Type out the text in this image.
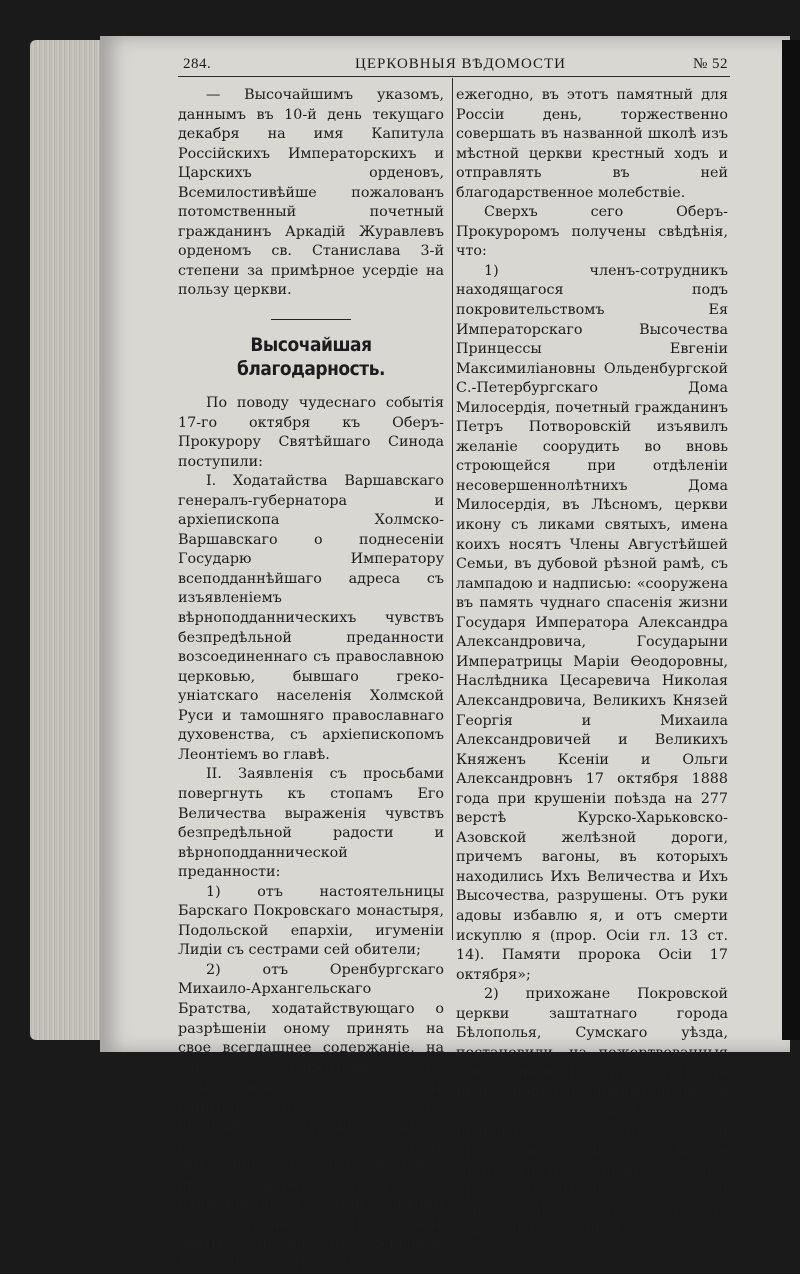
284.	ЦЕРКОВНЫЯ ВѢДОМОСТИ	№ 52

— Высочайшимъ указомъ, даннымъ въ 10-й день текущаго декабря на имя Капитула Россійскихъ Императорскихъ и Царскихъ орденовъ, Всемилостивѣйше пожалованъ потомственный почетный гражданинъ Аркадій Журавлевъ орденомъ св. Станислава 3-й степени за примѣрное усердіе на пользу церкви.

Высочайшая благодарность.

По поводу чудеснаго событія 17-го октября къ Оберъ-Прокурору Святѣйшаго Синода поступили:

I. Ходатайства Варшавскаго генералъ-губернатора и архіепископа Холмско-Варшавскаго о поднесеніи Государю Императору всеподданнѣйшаго адреса съ изъявленіемъ вѣрноподданническихъ чувствъ безпредѣльной преданности возсоединеннаго съ православною церковью, бывшаго греко-уніатскаго населенія Холмской Руси и тамошняго православнаго духовенства, съ архіепископомъ Леонтіемъ во главѣ.

II. Заявленія съ просьбами повергнуть къ стопамъ Его Величества выраженія чувствъ безпредѣльной радости и вѣрноподданнической преданности:

1) отъ настоятельницы Барскаго Покровскаго монастыря, Подольской епархіи, игуменіи Лидіи съ сестрами сей обители;

2) отъ Оренбургскаго Михаило-Архангельскаго Братства, ходатайствующаго о разрѣшеніи оному принять на свое всегдашнее содержаніе, на счетъ процентовъ съ отчисленнаго Братствомъ капитала въ 3,000 руб., инородческую чувашскую школу во вновь открытомъ Биккузинскомъ (Сыргуязскомъ) приходѣ, Оренбургскаго уѣзда, съ наименованіемъ этой школы Космо-Даміанскою въ память святыхъ, празднуемыхъ церковью 17 октября, съ тѣмъ, чтобы

ежегодно, въ этотъ памятный для Россіи день, торжественно совершать въ названной школѣ изъ мѣстной церкви крестный ходъ и отправлять въ ней благодарственное молебствіе.

Сверхъ сего Оберъ-Прокуроромъ получены свѣдѣнія, что:

1) членъ-сотрудникъ находящагося подъ покровительствомъ Ея Императорскаго Высочества Принцессы Евгеніи Максимиліановны Ольденбургской С.-Петербургскаго Дома Милосердія, почетный гражданинъ Петръ Потворовскій изъявилъ желаніе соорудить во вновь строющейся при отдѣленіи несовершеннолѣтнихъ Дома Милосердія, въ Лѣсномъ, церкви икону съ ликами святыхъ, имена коихъ носятъ Члены Августѣйшей Семьи, въ дубовой рѣзной рамѣ, съ лампадою и надписью: «сооружена въ память чуднаго спасенія жизни Государя Императора Александра Александровича, Государыни Императрицы Маріи Ѳеодоровны, Наслѣдника Цесаревича Николая Александровича, Великихъ Князей Георгія и Михаила Александровичей и Великихъ Княженъ Ксеніи и Ольги Александровнъ 17 октября 1888 года при крушеніи поѣзда на 277 верстѣ Курско-Харьковско-Азовской желѣзной дороги, причемъ вагоны, въ которыхъ находились Ихъ Величества и Ихъ Высочества, разрушены. Отъ руки адовы избавлю я, и отъ смерти искуплю я (прор. Осіи гл. 13 ст. 14). Памяти пророка Осіи 17 октября»;

2) прихожане Покровской церкви заштатнаго города Бѣлополья, Сумскаго уѣзда, постановили, на пожертвованныя ими деньги 100 руб., устроить икону, подъ серебряною ризою, съ написаніемъ ликовъ святаго пророка Осіи и преподобномученика Андрея Критскаго и съ надписью: «отъ прихожанъ Покровской церкви города Бѣлополья въ память чудеснаго спасенія Всемогу-
